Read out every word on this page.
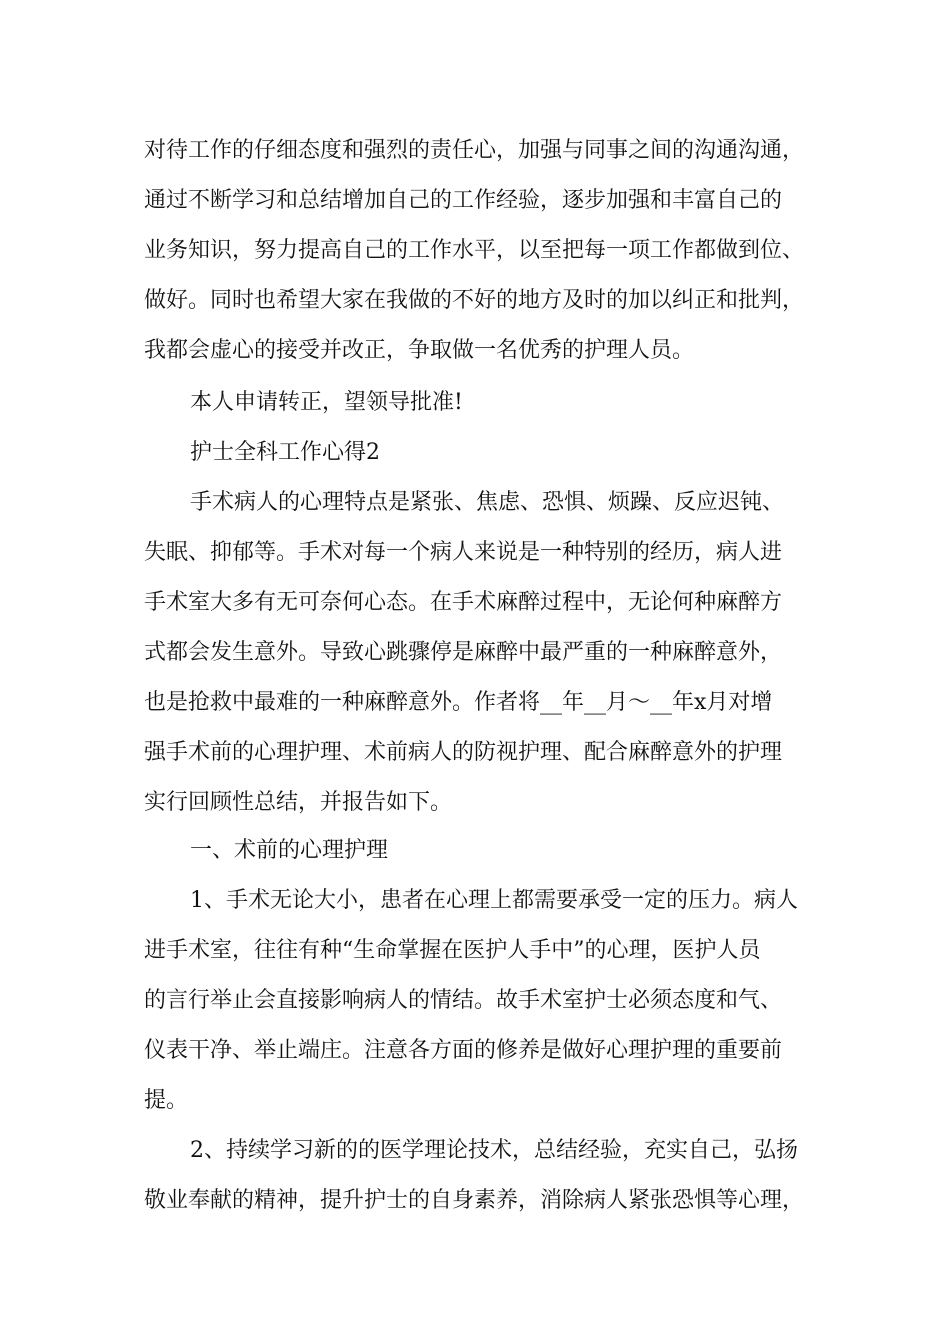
对待工作的仔细态度和强烈的责任心，加强与同事之间的沟通沟通，
通过不断学习和总结增加自己的工作经验，逐步加强和丰富自己的
业务知识，努力提高自己的工作水平，以至把每一项工作都做到位、
做好。同时也希望大家在我做的不好的地方及时的加以纠正和批判，
我都会虚心的接受并改正，争取做一名优秀的护理人员。
本人申请转正，望领导批准!
护士全科工作心得2
手术病人的心理特点是紧张、焦虑、恐惧、烦躁、反应迟钝、
失眠、抑郁等。手术对每一个病人来说是一种特别的经历，病人进
手术室大多有无可奈何心态。在手术麻醉过程中，无论何种麻醉方
式都会发生意外。导致心跳骤停是麻醉中最严重的一种麻醉意外，
也是抢救中最难的一种麻醉意外。作者将__年__月～__年x月对增
强手术前的心理护理、术前病人的防视护理、配合麻醉意外的护理
实行回顾性总结，并报告如下。
一、术前的心理护理
1、手术无论大小，患者在心理上都需要承受一定的压力。病人
进手术室，往往有种“生命掌握在医护人手中”的心理，医护人员
的言行举止会直接影响病人的情结。故手术室护士必须态度和气、
仪表干净、举止端庄。注意各方面的修养是做好心理护理的重要前
提。
2、持续学习新的的医学理论技术，总结经验，充实自己，弘扬
敬业奉献的精神，提升护士的自身素养，消除病人紧张恐惧等心理，
